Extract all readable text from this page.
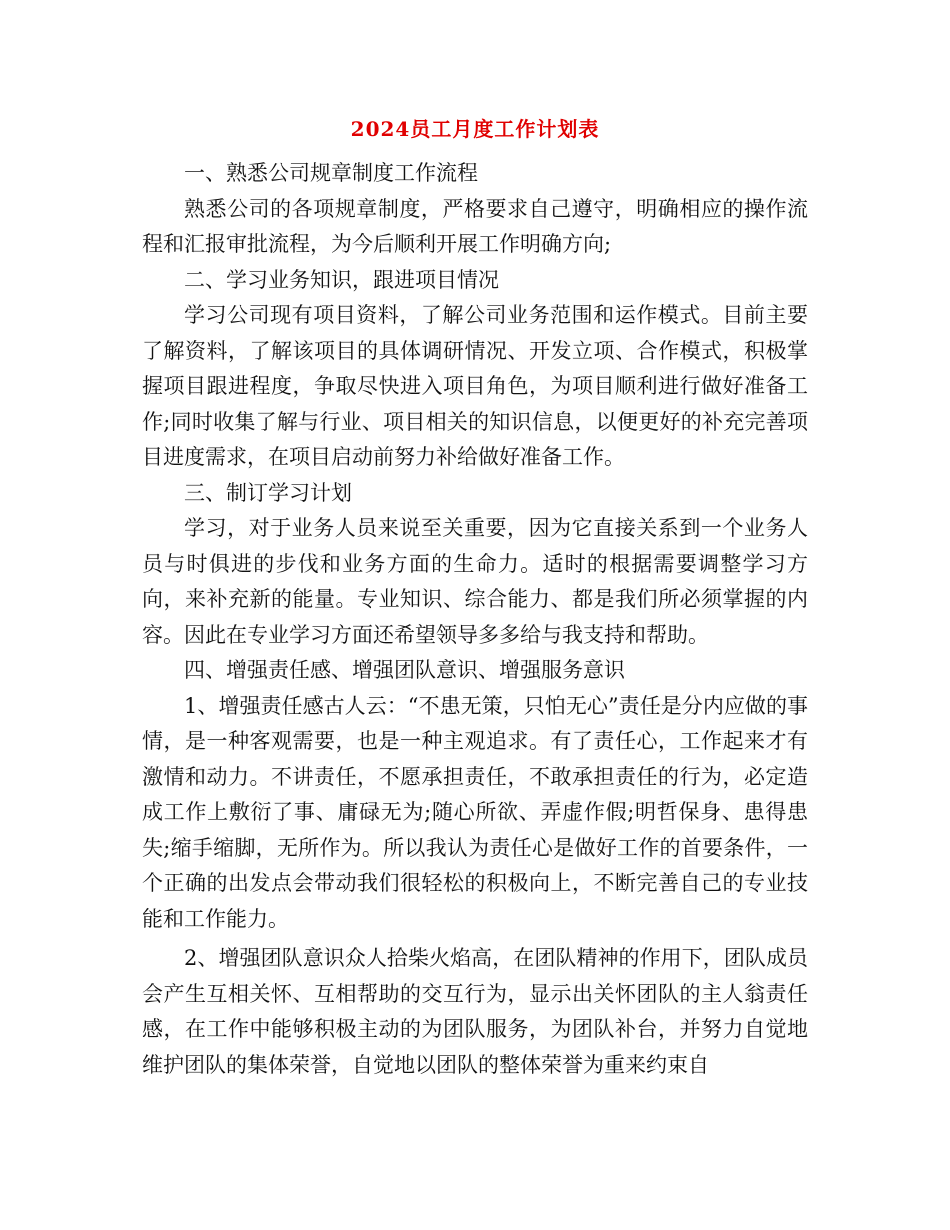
2024员工月度工作计划表

一、熟悉公司规章制度工作流程

熟悉公司的各项规章制度，严格要求自己遵守，明确相应的操作流程和汇报审批流程，为今后顺利开展工作明确方向;

二、学习业务知识，跟进项目情况

学习公司现有项目资料，了解公司业务范围和运作模式。目前主要了解资料，了解该项目的具体调研情况、开发立项、合作模式，积极掌握项目跟进程度，争取尽快进入项目角色，为项目顺利进行做好准备工作;同时收集了解与行业、项目相关的知识信息，以便更好的补充完善项目进度需求，在项目启动前努力补给做好准备工作。

三、制订学习计划

学习，对于业务人员来说至关重要，因为它直接关系到一个业务人员与时俱进的步伐和业务方面的生命力。适时的根据需要调整学习方向，来补充新的能量。专业知识、综合能力、都是我们所必须掌握的内容。因此在专业学习方面还希望领导多多给与我支持和帮助。

四、增强责任感、增强团队意识、增强服务意识

1、增强责任感古人云：“不患无策，只怕无心”责任是分内应做的事情，是一种客观需要，也是一种主观追求。有了责任心，工作起来才有激情和动力。不讲责任，不愿承担责任，不敢承担责任的行为，必定造成工作上敷衍了事、庸碌无为;随心所欲、弄虚作假;明哲保身、患得患失;缩手缩脚，无所作为。所以我认为责任心是做好工作的首要条件，一个正确的出发点会带动我们很轻松的积极向上，不断完善自己的专业技能和工作能力。

2、增强团队意识众人拾柴火焰高，在团队精神的作用下，团队成员会产生互相关怀、互相帮助的交互行为，显示出关怀团队的主人翁责任感，在工作中能够积极主动的为团队服务，为团队补台，并努力自觉地维护团队的集体荣誉，自觉地以团队的整体荣誉为重来约束自
